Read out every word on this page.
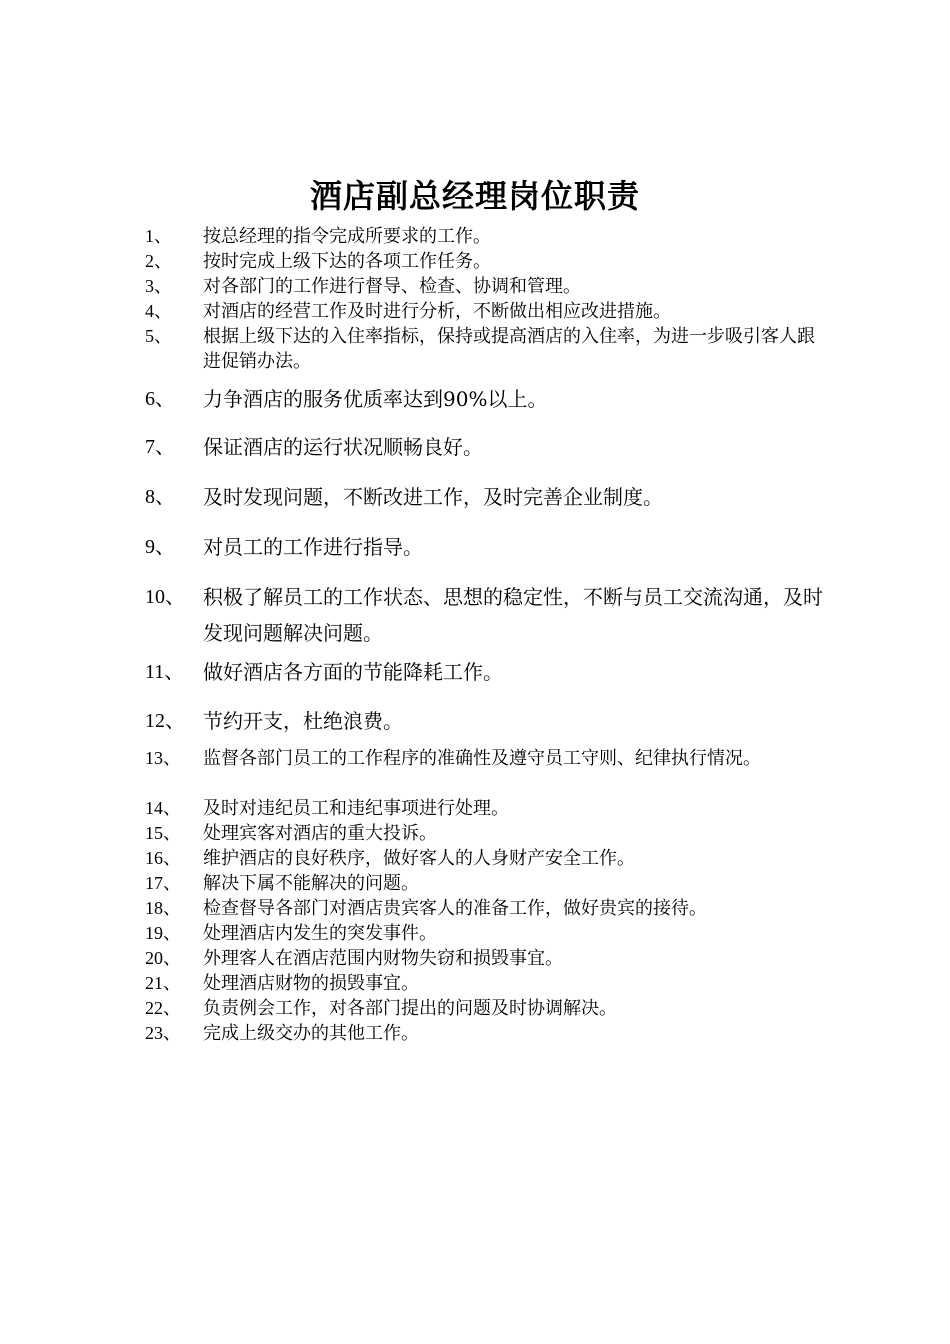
酒店副总经理岗位职责
1、 按总经理的指令完成所要求的工作。
2、 按时完成上级下达的各项工作任务。
3、 对各部门的工作进行督导、检查、协调和管理。
4、 对酒店的经营工作及时进行分析，不断做出相应改进措施。
5、 根据上级下达的入住率指标，保持或提高酒店的入住率，为进一步吸引客人跟进促销办法。
6、 力争酒店的服务优质率达到90%以上。
7、 保证酒店的运行状况顺畅良好。
8、 及时发现问题，不断改进工作，及时完善企业制度。
9、 对员工的工作进行指导。
10、 积极了解员工的工作状态、思想的稳定性，不断与员工交流沟通，及时发现问题解决问题。
11、 做好酒店各方面的节能降耗工作。
12、 节约开支，杜绝浪费。
13、 监督各部门员工的工作程序的准确性及遵守员工守则、纪律执行情况。
14、 及时对违纪员工和违纪事项进行处理。
15、 处理宾客对酒店的重大投诉。
16、 维护酒店的良好秩序，做好客人的人身财产安全工作。
17、 解决下属不能解决的问题。
18、 检查督导各部门对酒店贵宾客人的准备工作，做好贵宾的接待。
19、 处理酒店内发生的突发事件。
20、 外理客人在酒店范围内财物失窃和损毁事宜。
21、 处理酒店财物的损毁事宜。
22、 负责例会工作，对各部门提出的问题及时协调解决。
23、 完成上级交办的其他工作。
